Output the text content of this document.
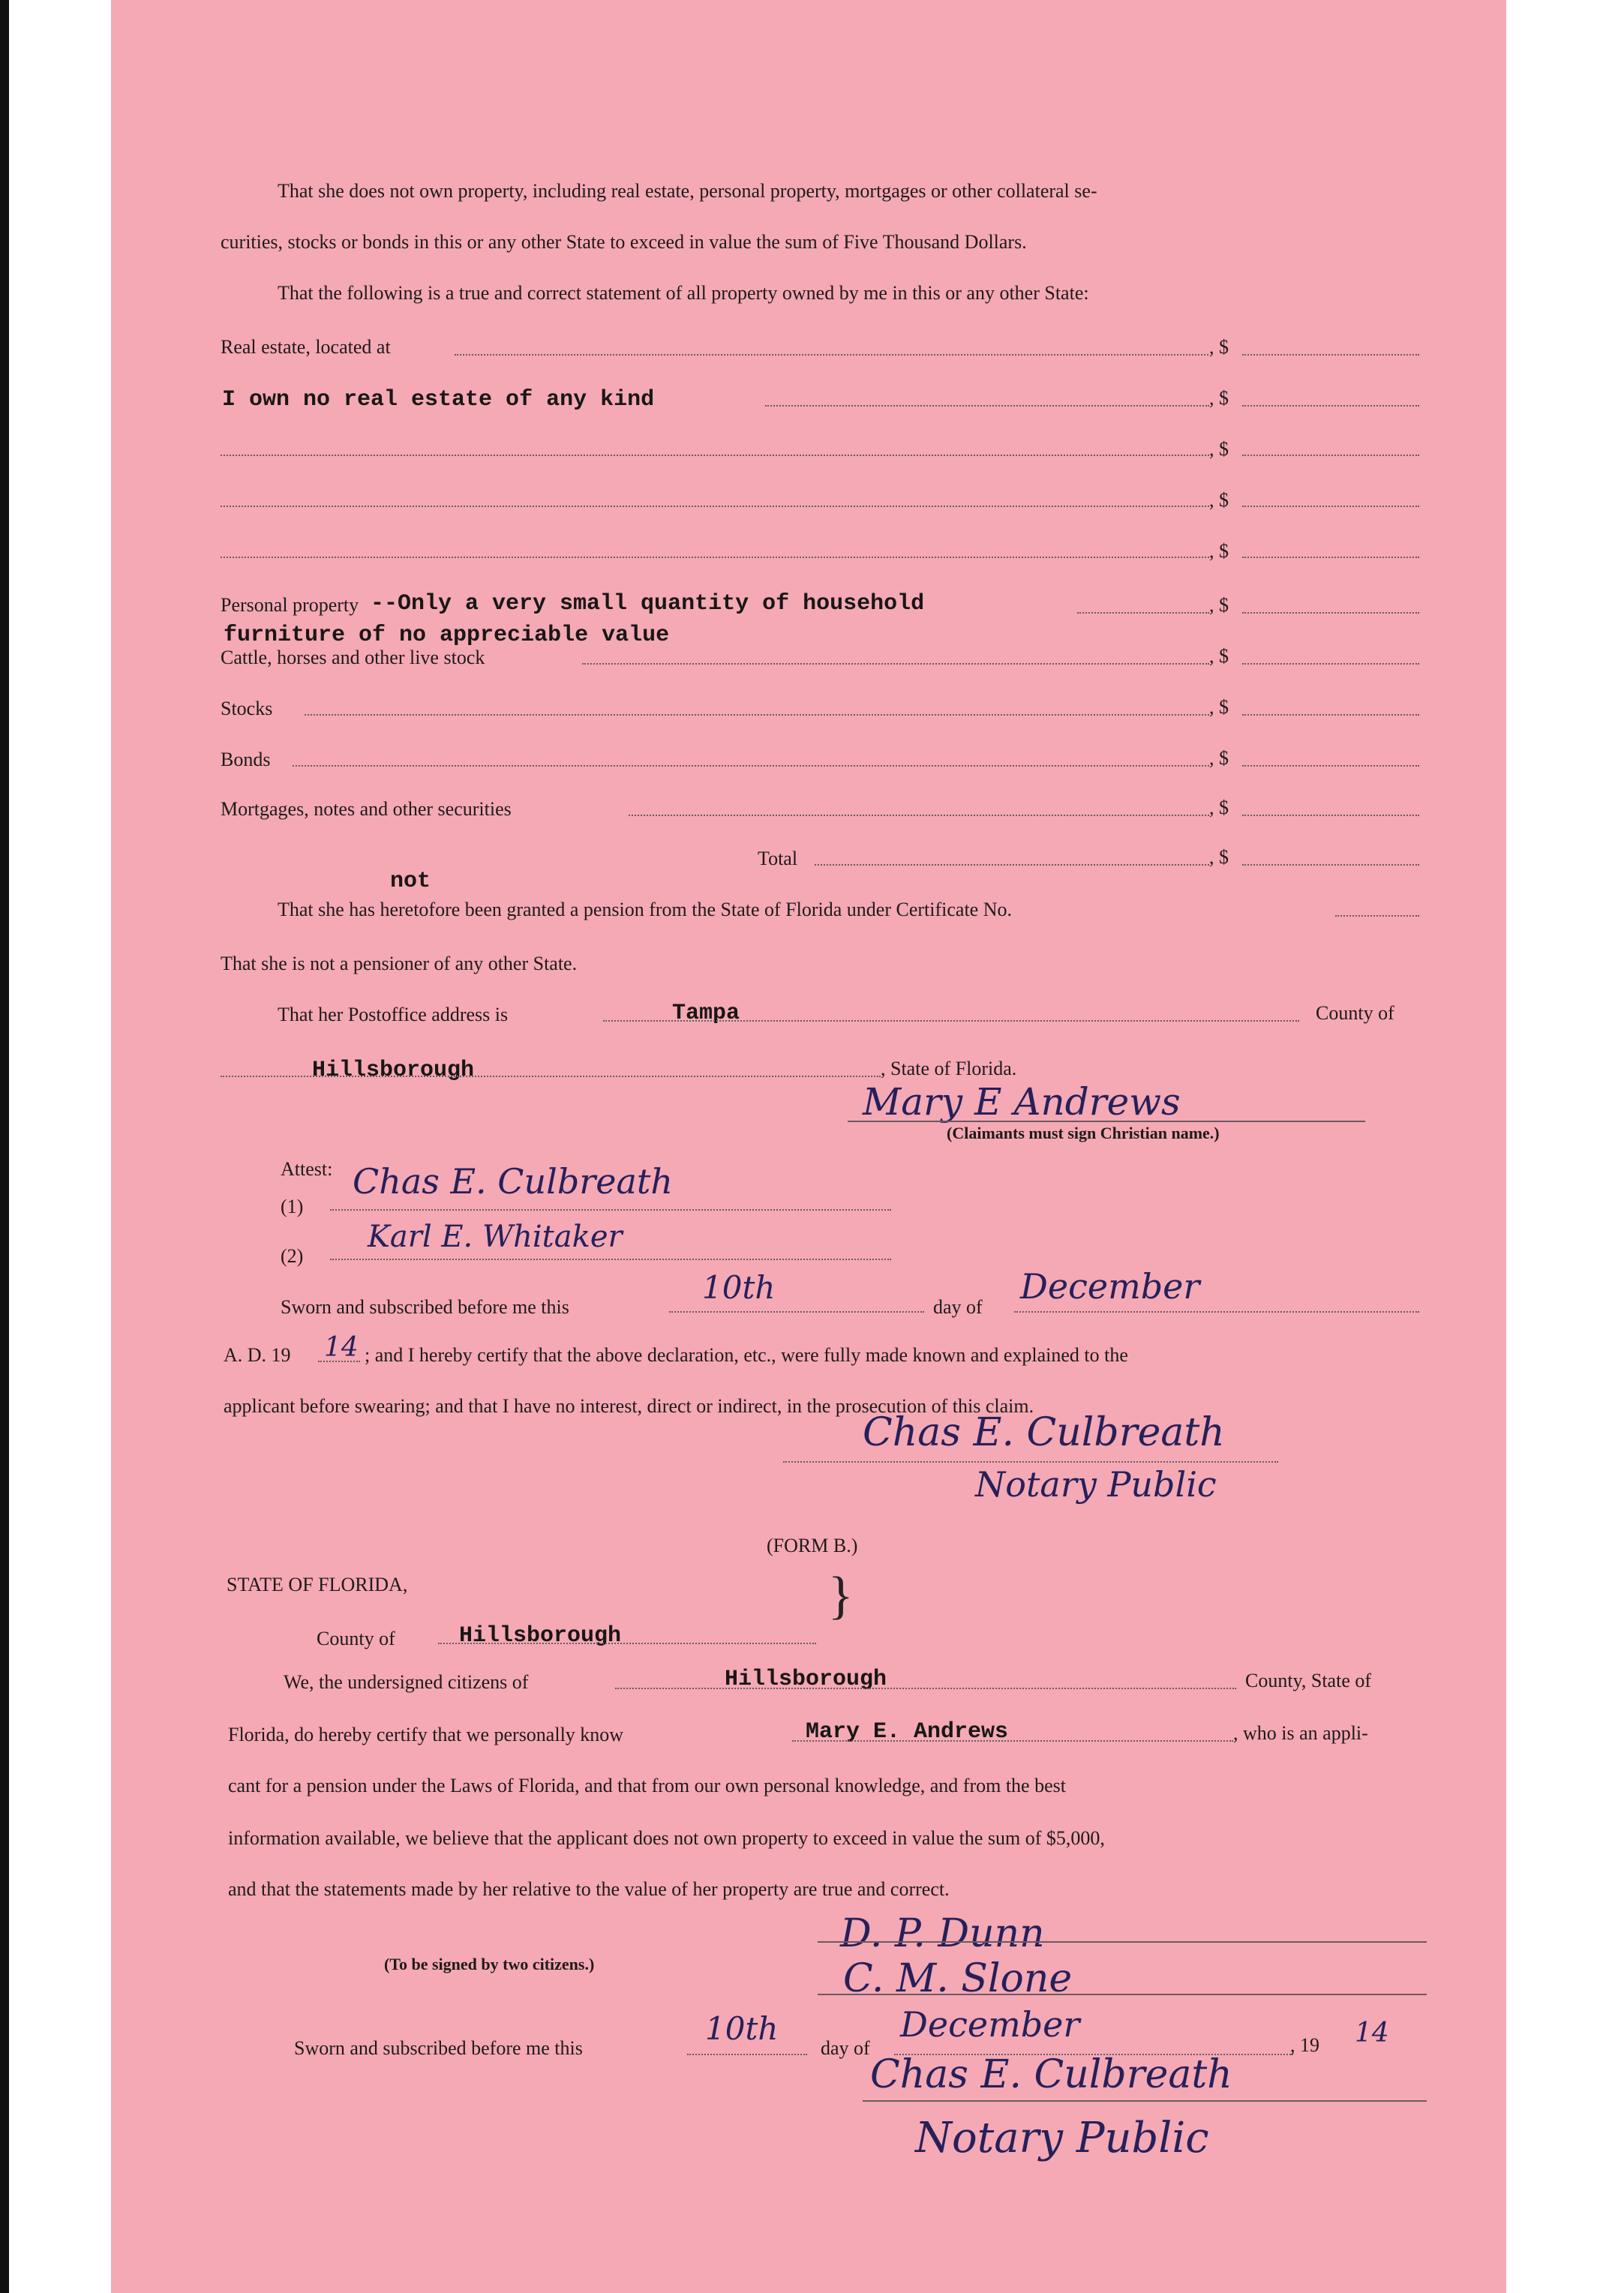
That she does not own property, including real estate, personal property, mortgages or other collateral se-
curities, stocks or bonds in this or any other State to exceed in value the sum of Five Thousand Dollars.
That the following is a true and correct statement of all property owned by me in this or any other State:
Real estate, located at	, $
I own no real estate of any kind	, $
, $
, $
, $
Personal property --Only a very small quantity of household	, $
furniture of no appreciable value
Cattle, horses and other live stock	, $
Stocks	, $
Bonds	, $
Mortgages, notes and other securities	, $
Total	, $
not
That she has heretofore been granted a pension from the State of Florida under Certificate No.
That she is not a pensioner of any other State.
That her Postoffice address is	Tampa	County of
Hillsborough	, State of Florida.
Mary E Andrews
(Claimants must sign Christian name.)
Attest:
(1)
Chas E. Culbreath
(2)
Karl E. Whitaker
Sworn and subscribed before me this
10th
day of
December
A. D. 19 14 ; and I hereby certify that the above declaration, etc., were fully made known and explained to the
applicant before swearing; and that I have no interest, direct or indirect, in the prosecution of this claim.
Chas E. Culbreath
Notary Public
(FORM B.)
STATE OF FLORIDA,	}
County of	Hillsborough
We, the undersigned citizens of	Hillsborough	County, State of
Florida, do hereby certify that we personally know	Mary E. Andrews	, who is an appli-
cant for a pension under the Laws of Florida, and that from our own personal knowledge, and from the best
information available, we believe that the applicant does not own property to exceed in value the sum of $5,000,
and that the statements made by her relative to the value of her property are true and correct.
(To be signed by two citizens.)
D. P. Dunn
C. M. Slone
Sworn and subscribed before me this
10th
day of
December
, 19 14
Chas E. Culbreath
Notary Public
